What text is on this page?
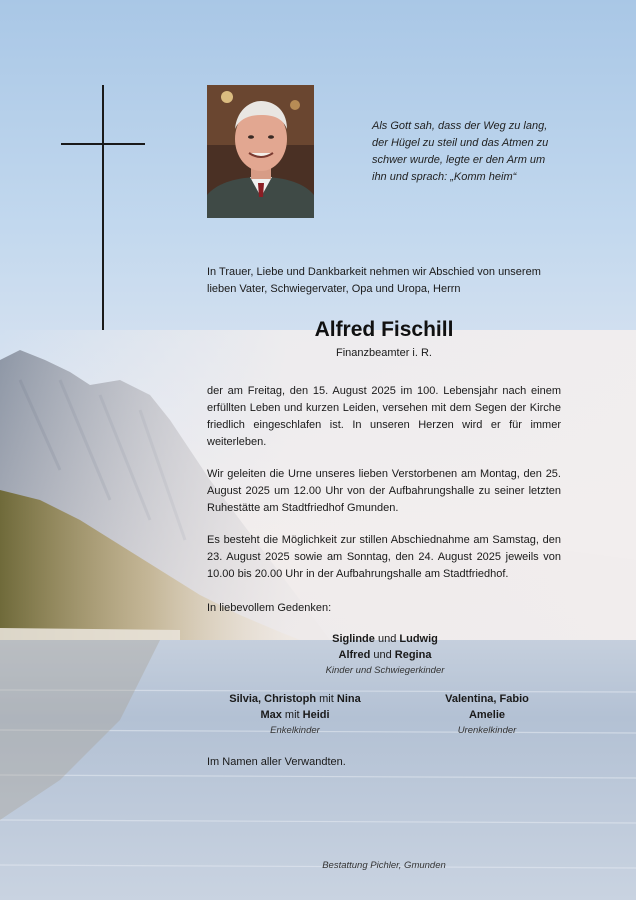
Als Gott sah, dass der Weg zu lang,

der Hügel zu steil und das Atmen zu

schwer wurde, legte er den Arm um

ihn und sprach: „Komm heim“

In Trauer, Liebe und Dankbarkeit nehmen wir Abschied von unserem lieben Vater, Schwiegervater, Opa und Uropa, Herrn
Alfred Fischill
Finanzbeamter i. R.
der am Freitag, den 15. August 2025 im 100. Lebensjahr nach einem erfüllten Leben und kurzen Leiden, versehen mit dem Segen der Kirche friedlich eingeschlafen ist. In unseren Herzen wird er für immer weiterleben.
Wir geleiten die Urne unseres lieben Verstorbenen am Montag, den 25. August 2025 um 12.00 Uhr von der Aufbahrungshalle zu seiner letzten Ruhestätte am Stadtfriedhof Gmunden.
Es besteht die Möglichkeit zur stillen Abschiednahme am Samstag, den 23. August 2025 sowie am Sonntag, den 24. August 2025 jeweils von 10.00 bis 20.00 Uhr in der Aufbahrungshalle am Stadtfriedhof.
In liebevollem Gedenken:
Siglinde und Ludwig
Alfred und Regina
Kinder und Schwiegerkinder
Silvia, Christoph mit Nina
Max mit Heidi
Enkelkinder
Valentina, Fabio
Amelie
Urenkelkinder
Im Namen aller Verwandten.
Bestattung Pichler, Gmunden
